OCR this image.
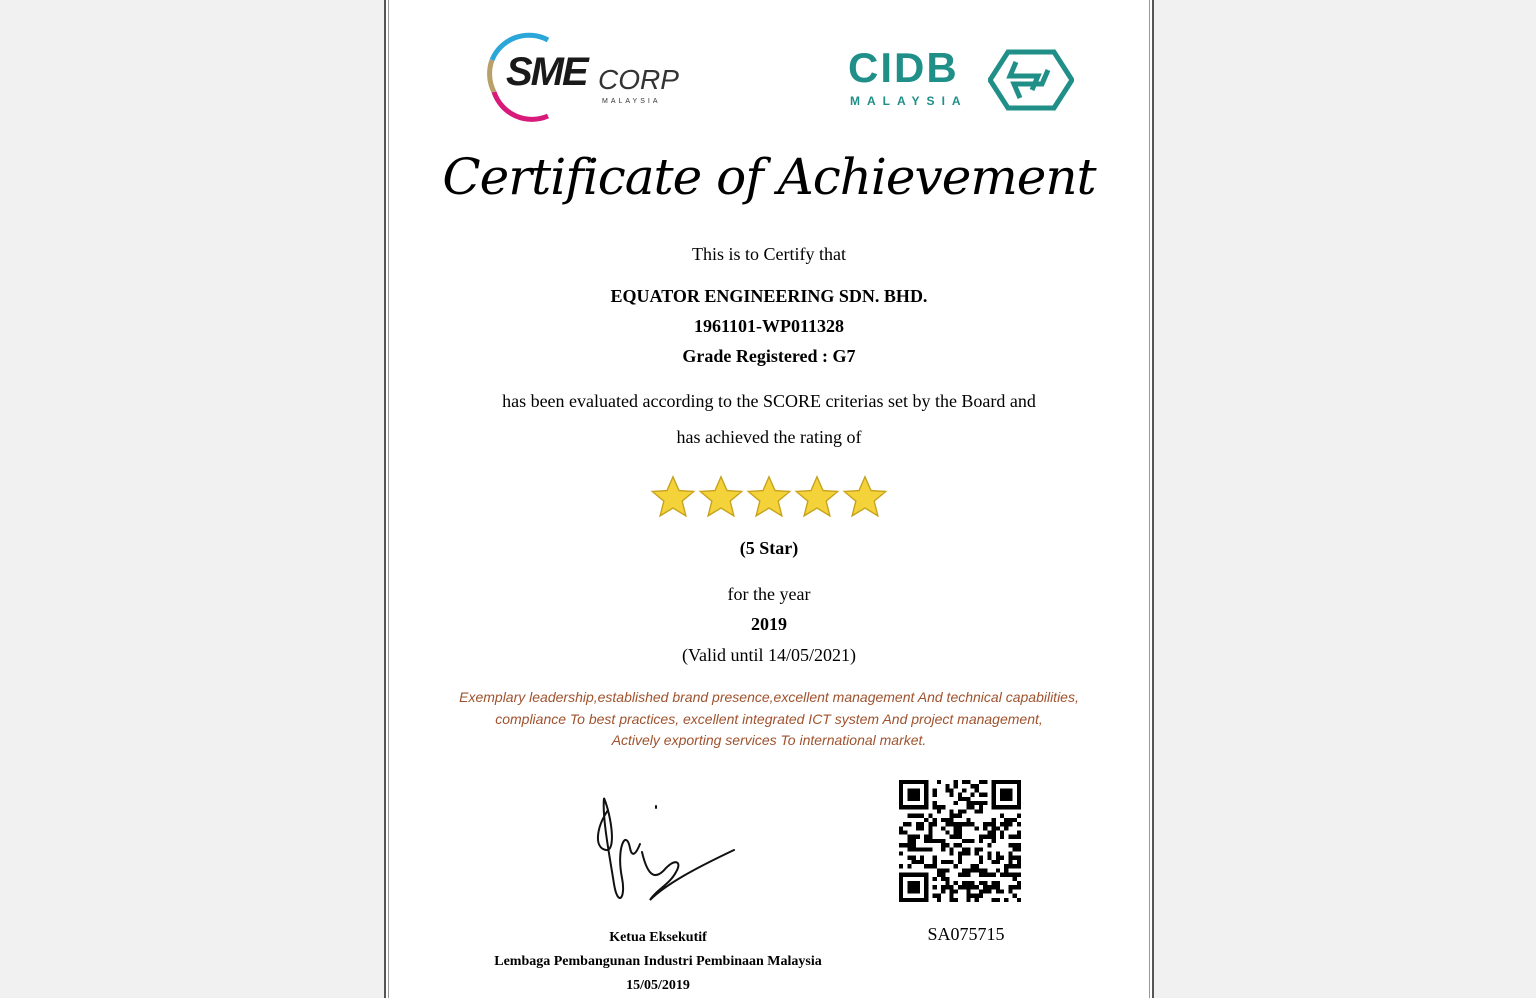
SME CORP
MALAYSIA
CIDB
MALAYSIA
Certificate of Achievement
This is to Certify that
EQUATOR ENGINEERING SDN. BHD.
1961101-WP011328
Grade Registered : G7
has been evaluated according to the SCORE criterias set by the Board and
has achieved the rating of
(5 Star)
for the year
2019
(Valid until 14/05/2021)
Exemplary leadership,established brand presence,excellent management And technical capabilities,
compliance To best practices, excellent integrated ICT system And project management,
Actively exporting services To international market.
Ketua Eksekutif
Lembaga Pembangunan Industri Pembinaan Malaysia
15/05/2019
SA075715
